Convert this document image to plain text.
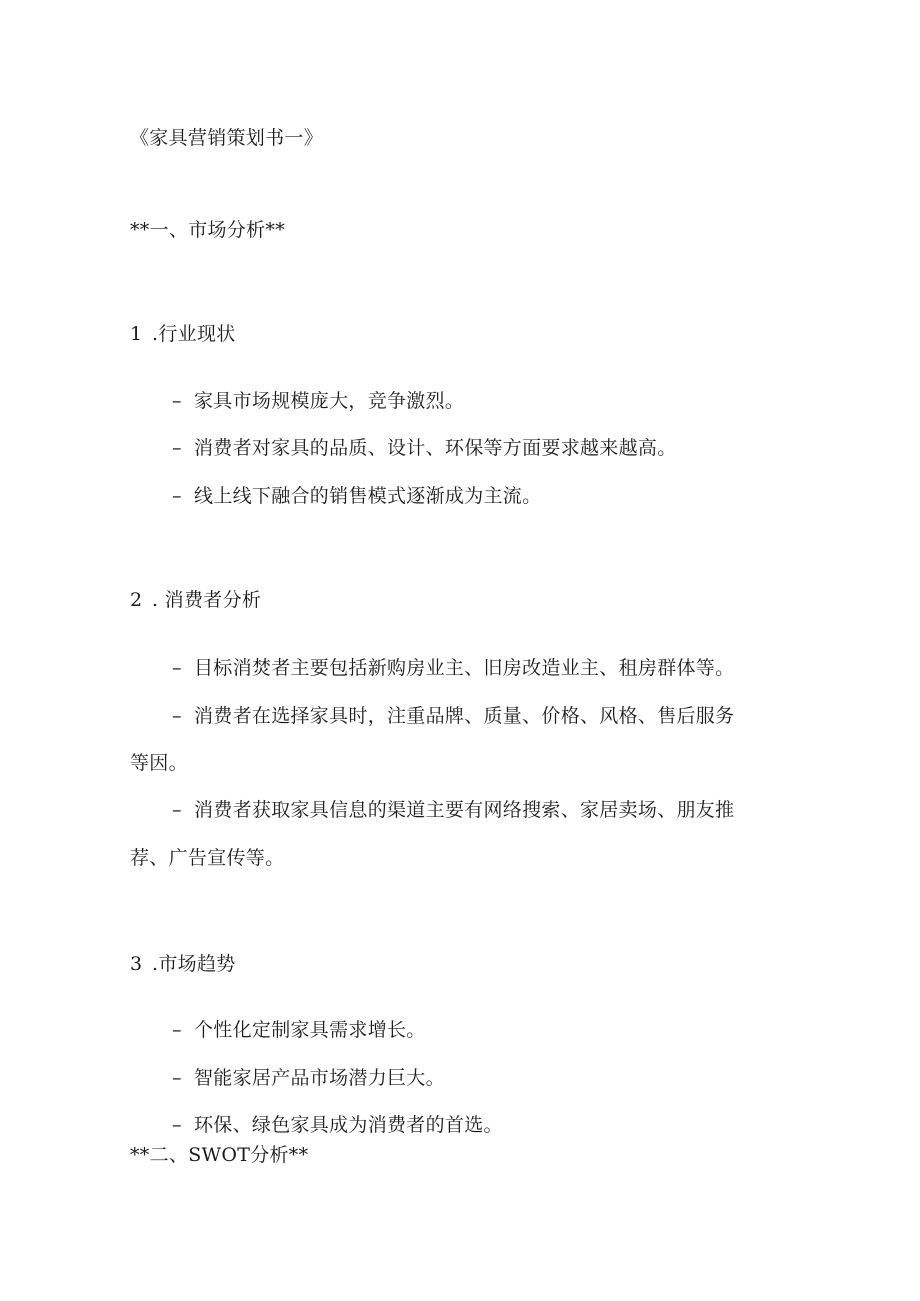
《家具营销策划书一》
**一、市场分析**
1 .行业现状
– 家具市场规模庞大，竞争激烈。
– 消费者对家具的品质、设计、环保等方面要求越来越高。
– 线上线下融合的销售模式逐渐成为主流。
2 . 消费者分析
– 目标消焚者主要包括新购房业主、旧房改造业主、租房群体等。
– 消费者在选择家具时，注重品牌、质量、价格、风格、售后服务
等因。
– 消费者获取家具信息的渠道主要有网络搜索、家居卖场、朋友推
荐、广告宣传等。
3 .市场趋势
– 个性化定制家具需求增长。
– 智能家居产品市场潜力巨大。
– 环保、绿色家具成为消费者的首选。
**二、SWOT分析**
